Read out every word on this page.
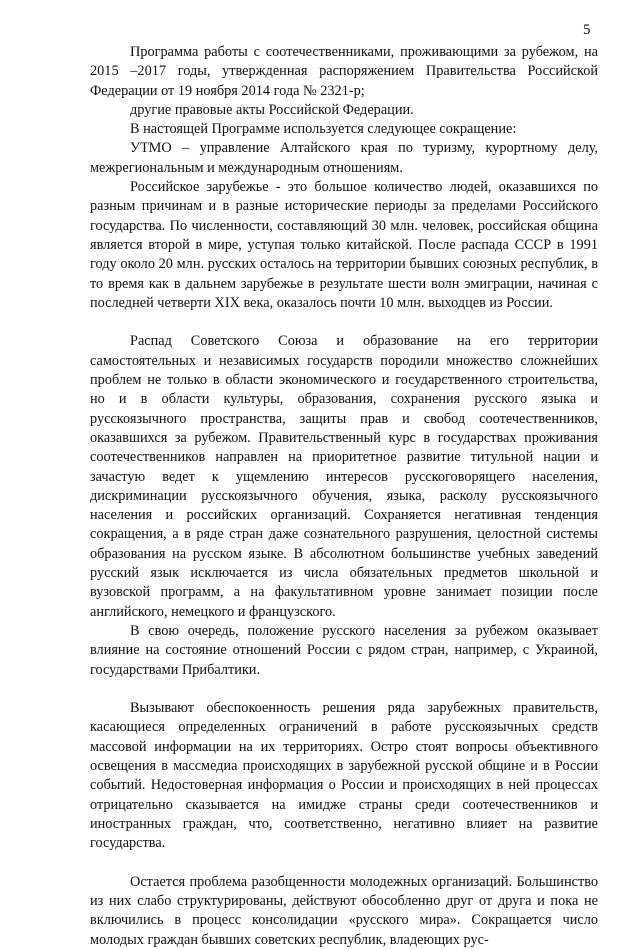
5

Программа работы с соотечественниками, проживающими за рубежом, на 2015 –2017 годы, утвержденная распоряжением Правительства Российской Федерации от 19 ноября 2014 года № 2321-р;

другие правовые акты Российской Федерации.

В настоящей Программе используется следующее сокращение:

УТМО – управление Алтайского края по туризму, курортному делу, межрегиональным и международным отношениям.

Российское зарубежье - это большое количество людей, оказавшихся по разным причинам и в разные исторические периоды за пределами Российского государства. По численности, составляющий 30 млн. человек, российская община является второй в мире, уступая только китайской. После распада СССР в 1991 году около 20 млн. русских осталось на территории бывших союзных республик, в то время как в дальнем зарубежье в результате шести волн эмиграции, начиная с последней четверти XIX века, оказалось почти 10 млн. выходцев из России.

Распад Советского Союза и образование на его территории самостоятельных и независимых государств породили множество сложнейших проблем не только в области экономического и государственного строительства, но и в области культуры, образования, сохранения русского языка и русскоязычного пространства, защиты прав и свобод соотечественников, оказавшихся за рубежом. Правительственный курс в государствах проживания соотечественников направлен на приоритетное развитие титульной нации и зачастую ведет к ущемлению интересов русскоговорящего населения, дискриминации русскоязычного обучения, языка, расколу русскоязычного населения и российских организаций. Сохраняется негативная тенденция сокращения, а в ряде стран даже сознательного разрушения, целостной системы образования на русском языке. В абсолютном большинстве учебных заведений русский язык исключается из числа обязательных предметов школьной и вузовской программ, а на факультативном уровне занимает позиции после английского, немецкого и французского.

В свою очередь, положение русского населения за рубежом оказывает влияние на состояние отношений России с рядом стран, например, с Украиной, государствами Прибалтики.

Вызывают обеспокоенность решения ряда зарубежных правительств, касающиеся определенных ограничений в работе русскоязычных средств массовой информации на их территориях. Остро стоят вопросы объективного освещения в массмедиа происходящих в зарубежной русской общине и в России событий. Недостоверная информация о России и происходящих в ней процессах отрицательно сказывается на имидже страны среди соотечественников и иностранных граждан, что, соответственно, негативно влияет на развитие государства.

Остается проблема разобщенности молодежных организаций. Большинство из них слабо структурированы, действуют обособленно друг от друга и пока не включились в процесс консолидации «русского мира». Сокращается число молодых граждан бывших советских республик, владеющих рус-
